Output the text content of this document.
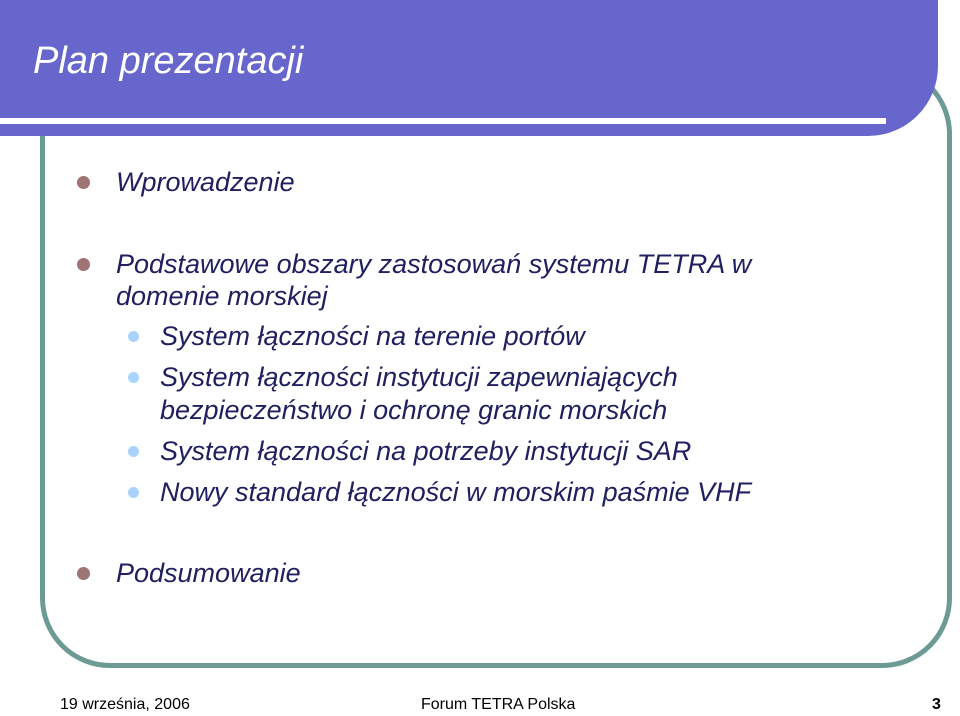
Plan prezentacji
Wprowadzenie
Podstawowe obszary zastosowań systemu TETRA w
domenie morskiej
System łączności na terenie portów
System łączności instytucji zapewniających
bezpieczeństwo i ochronę granic morskich
System łączności na potrzeby instytucji SAR
Nowy standard łączności w morskim paśmie VHF
Podsumowanie
19 września, 2006	Forum TETRA Polska	3
